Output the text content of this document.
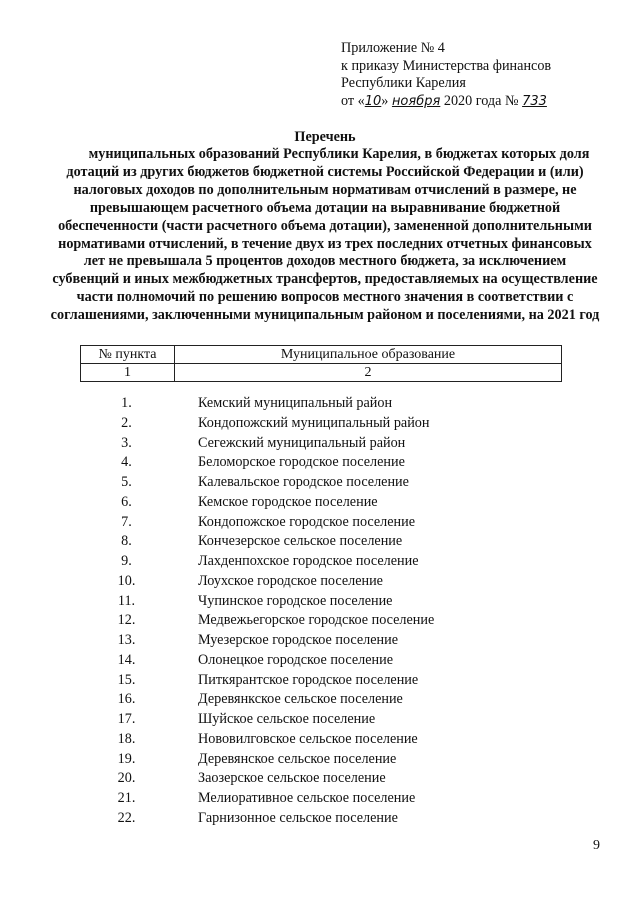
Приложение № 4
к приказу Министерства финансов
Республики Карелия
от «10» ноября 2020 года № 733
Перечень
муниципальных образований Республики Карелия, в бюджетах которых доля дотаций из других бюджетов бюджетной системы Российской Федерации и (или) налоговых доходов по дополнительным нормативам отчислений в размере, не превышающем расчетного объема дотации на выравнивание бюджетной обеспеченности (части расчетного объема дотации), замененной дополнительными нормативами отчислений, в течение двух из трех последних отчетных финансовых лет не превышала 5 процентов доходов местного бюджета, за исключением субвенций и иных межбюджетных трансфертов, предоставляемых на осуществление части полномочий по решению вопросов местного значения в соответствии с соглашениями, заключенными муниципальным районом и поселениями, на 2021 год
№ пункта	Муниципальное образование
1	2
1.	Кемский муниципальный район
2.	Кондопожский муниципальный район
3.	Сегежский муниципальный район
4.	Беломорское городское поселение
5.	Калевальское городское поселение
6.	Кемское городское поселение
7.	Кондопожское городское поселение
8.	Кончезерское сельское поселение
9.	Лахденпохское городское поселение
10.	Лоухское городское поселение
11.	Чупинское городское поселение
12.	Медвежьегорское городское поселение
13.	Муезерское городское поселение
14.	Олонецкое городское поселение
15.	Питкярантское городское поселение
16.	Деревянкское сельское поселение
17.	Шуйское сельское поселение
18.	Нововилговское сельское поселение
19.	Деревянское сельское поселение
20.	Заозерское сельское поселение
21.	Мелиоративное сельское поселение
22.	Гарнизонное сельское поселение
9
